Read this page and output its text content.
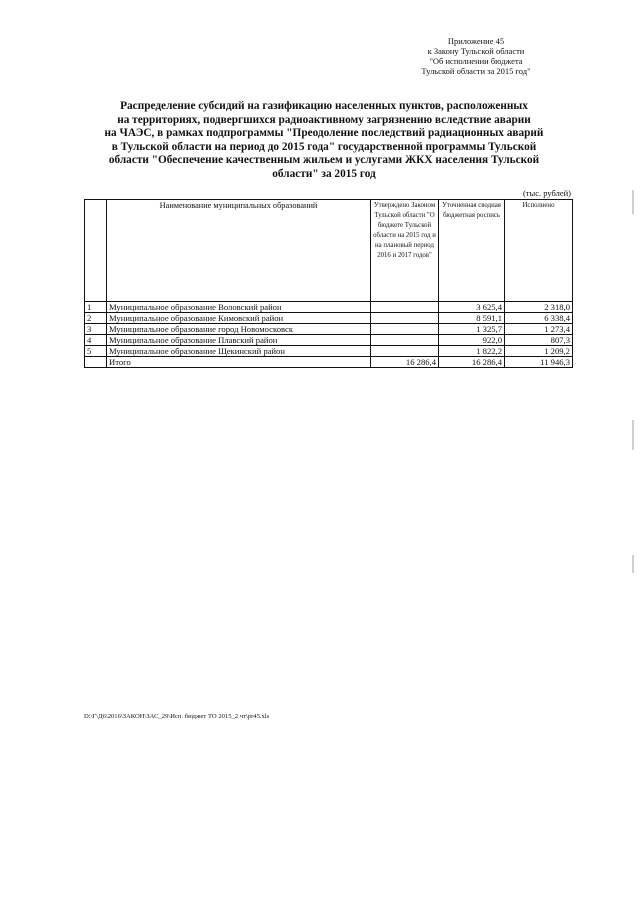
Приложение 45
к Закону Тульской области
"Об исполнении бюджета
Тульской области за 2015 год"
Распределение субсидий на газификацию населенных пунктов, расположенных
на территориях, подвергшихся радиоактивному загрязнению вследствие аварии
на ЧАЭС, в рамках подпрограммы "Преодоление последствий радиационных аварий
в Тульской области на период до 2015 года" государственной программы Тульской
области "Обеспечение качественным жильем и услугами ЖКХ населения Тульской
области" за 2015 год
(тыс. рублей)
	Наименование муниципальных образований	Утверждено Законом Тульской области "О бюджете Тульской области на 2015 год и на плановый период 2016 и 2017 годов"	Уточненная сводная бюджетная роспись	Исполнено
1	Муниципальное образование Воловский район		3 625,4	2 318,0
2	Муниципальное образование Кимовский район		8 591,1	6 338,4
3	Муниципальное образование город Новомосковск		1 325,7	1 273,4
4	Муниципальное образование Плавский район		922,0	807,3
5	Муниципальное образование Щекинский район		1 822,2	1 209,2
	Итого	16 286,4	16 286,4	11 946,3
D:\Г\Д6\2016\ЗАКОН\ЗАС_29\Исп. бюджет ТО 2015_2 чт\pr45.xls
